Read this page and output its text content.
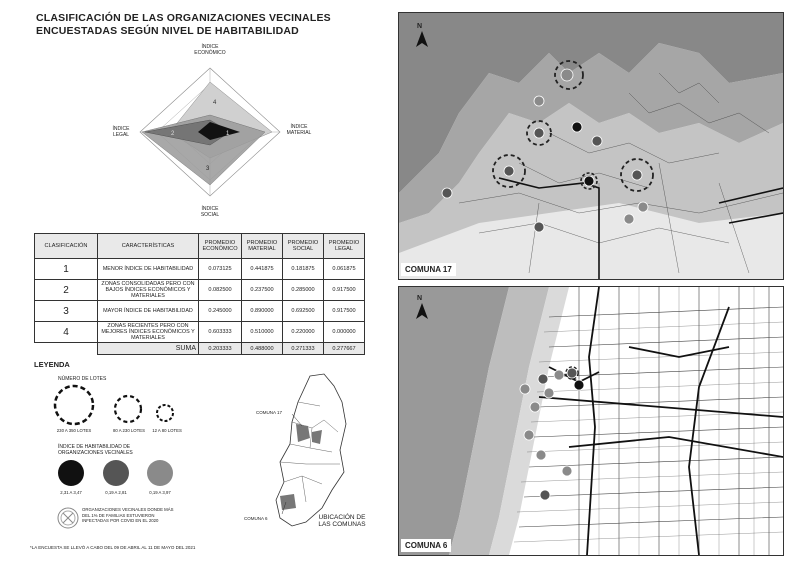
CLASIFICACIÓN DE LAS ORGANIZACIONES VECINALES ENCUESTADAS SEGÚN NIVEL DE HABITABILIDAD
4
1
2
3
ÍNDICE ECONÓMICO
ÍNDICE MATERIAL
ÍNDICE SOCIAL
ÍNDICE LEGAL
CLASIFICACIÓN	CARACTERÍSTICAS	PROMEDIO ECONÓMICO	PROMEDIO MATERIAL	PROMEDIO SOCIAL	PROMEDIO LEGAL
1	MENOR ÍNDICE DE HABITABILIDAD	0.073125	0.441875	0.181875	0.061875
2	ZONAS CONSOLIDADAS PERO CON BAJOS ÍNDICES ECONÓMICOS Y MATERIALES	0.082500	0.237500	0.285000	0.917500
3	MAYOR ÍNDICE DE HABITABILIDAD	0.245000	0.890000	0.692500	0.917500
4	ZONAS RECIENTES PERO CON MEJORES ÍNDICES ECONÓMICOS Y MATERIALES	0.603333	0.510000	0.220000	0.000000
	SUMA	0.203333	0.488000	0.271333	0.277667
LEYENDA
NÚMERO DE LOTES
230 A 350 LOTES	80 A 230 LOTES 12 A 80 LOTES
ÍNDICE DE HABITABILIDAD DE ORGANIZACIONES VECINALES
2,31 A 3,47	0,19 A 2,81	0,19 A 3,97
ORGANIZACIONES VECINALES DONDE MÁS DEL 1% DE FAMILIAS ESTUVIERON INFECTADAS POR COVID EN EL 2020
COMUNA 17
COMUNA 6	UBICACIÓN DE LAS COMUNAS
*LA ENCUESTA SE LLEVÓ A CABO DEL 09 DE ABRIL AL 11 DE MAYO DEL 2021
N
COMUNA 17
N
COMUNA 6
